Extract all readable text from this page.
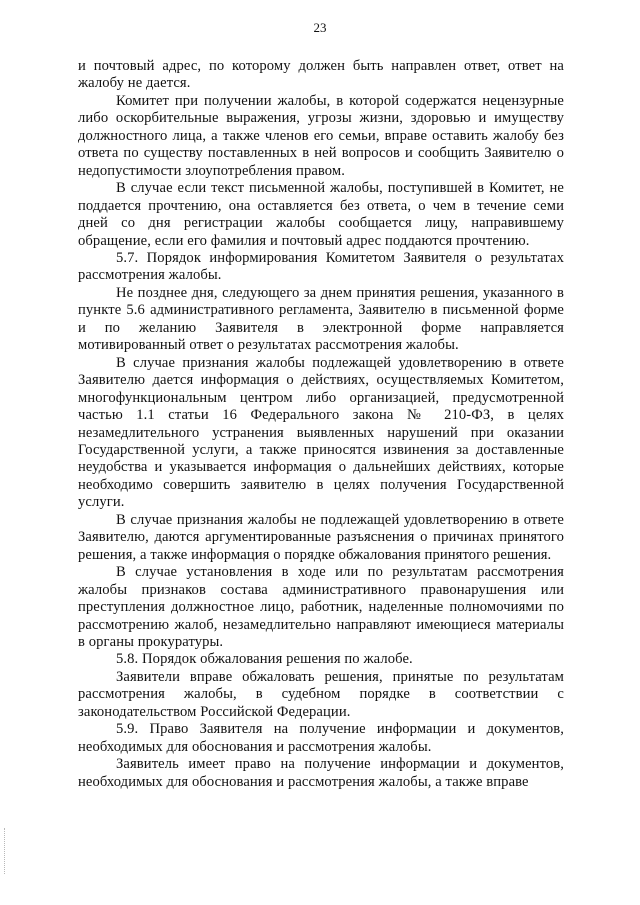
23

и почтовый адрес, по которому должен быть направлен ответ, ответ на жалобу не дается.

Комитет при получении жалобы, в которой содержатся нецензурные либо оскорбительные выражения, угрозы жизни, здоровью и имуществу должностного лица, а также членов его семьи, вправе оставить жалобу без ответа по существу поставленных в ней вопросов и сообщить Заявителю о недопустимости злоупотребления правом.

В случае если текст письменной жалобы, поступившей в Комитет, не поддается прочтению, она оставляется без ответа, о чем в течение семи дней со дня регистрации жалобы сообщается лицу, направившему обращение, если его фамилия и почтовый адрес поддаются прочтению.

5.7. Порядок информирования Комитетом Заявителя о результатах рассмотрения жалобы.

Не позднее дня, следующего за днем принятия решения, указанного в пункте 5.6 административного регламента, Заявителю в письменной форме и по желанию Заявителя в электронной форме направляется мотивированный ответ о результатах рассмотрения жалобы.

В случае признания жалобы подлежащей удовлетворению в ответе Заявителю дается информация о действиях, осуществляемых Комитетом, многофункциональным центром либо организацией, предусмотренной частью 1.1 статьи 16 Федерального закона № 210-ФЗ, в целях незамедлительного устранения выявленных нарушений при оказании Государственной услуги, а также приносятся извинения за доставленные неудобства и указывается информация о дальнейших действиях, которые необходимо совершить заявителю в целях получения Государственной услуги.

В случае признания жалобы не подлежащей удовлетворению в ответе Заявителю, даются аргументированные разъяснения о причинах принятого решения, а также информация о порядке обжалования принятого решения.

В случае установления в ходе или по результатам рассмотрения жалобы признаков состава административного правонарушения или преступления должностное лицо, работник, наделенные полномочиями по рассмотрению жалоб, незамедлительно направляют имеющиеся материалы в органы прокуратуры.

5.8. Порядок обжалования решения по жалобе.

Заявители вправе обжаловать решения, принятые по результатам рассмотрения жалобы, в судебном порядке в соответствии с законодательством Российской Федерации.

5.9. Право Заявителя на получение информации и документов, необходимых для обоснования и рассмотрения жалобы.

Заявитель имеет право на получение информации и документов, необходимых для обоснования и рассмотрения жалобы, а также вправе
